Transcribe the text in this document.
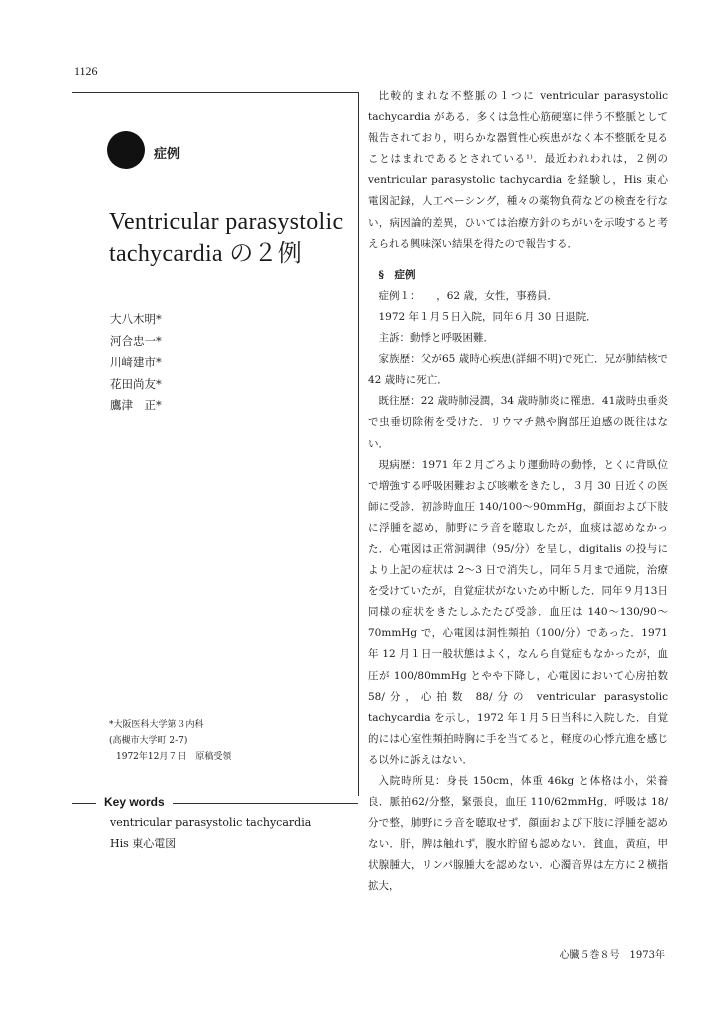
1126
症例
Ventricular parasystolic
tachycardia の２例
大八木明*
河合忠一*
川﨑建市*
花田尚友*
鷹津　正*
*大阪医科大学第３内科
(高槻市大学町 2-7)
1972年12月７日　原稿受領
Key words
ventricular parasystolic tachycardia
His 東心電図

比較的まれな不整脈の１つに ventricular parasystolic tachycardia がある．多くは急性心筋硬塞に伴う不整脈として報告されており，明らかな器質性心疾患がなく本不整脈を見ることはまれであるとされている¹⁾．最近われわれは，２例の ventricular parasystolic tachycardia を経験し，His 東心電図記録，人工ペーシング，種々の薬物負荷などの検査を行ない，病因論的差異，ひいては治療方針のちがいを示唆すると考えられる興味深い結果を得たので報告する．

§　症例

症例１：　　，62 歳，女性，事務員．

1972 年１月５日入院，同年６月 30 日退院．

主訴：動悸と呼吸困難．

家族歴：父が65 歳時心疾患(詳細不明)で死亡．兄が肺結核で 42 歳時に死亡．

既往歴：22 歳時肺浸潤，34 歳時肺炎に罹患．41歳時虫垂炎で虫垂切除術を受けた．リウマチ熱や胸部圧迫感の既往はない．

現病歴：1971 年２月ごろより運動時の動悸，とくに背臥位で増強する呼吸困難および咳嗽をきたし，３月 30 日近くの医師に受診．初診時血圧 140/100〜90mmHg，顔面および下肢に浮腫を認め，肺野にラ音を聴取したが，血痰は認めなかった．心電図は正常洞調律（95/分）を呈し，digitalis の投与により上記の症状は 2〜3 日で消失し，同年５月まで通院，治療を受けていたが，自覚症状がないため中断した．同年９月13日同様の症状をきたしふたたび受診．血圧は 140〜130/90〜70mmHg で，心電図は洞性頻拍（100/分）であった．1971 年 12 月１日一般状態はよく，なんら自覚症もなかったが，血圧が 100/80mmHg とやや下降し，心電図において心房拍数 58/分，心拍数 88/分の ventricular parasystolic tachycardia を示し，1972 年１月５日当科に入院した．自覚的には心室性頻拍時胸に手を当てると，軽度の心悸亢進を感じる以外に訴えはない．

入院時所見：身長 150cm，体重 46kg と体格は小，栄養良．脈拍62/分整，緊張良，血圧 110/62mmHg．呼吸は 18/分で整，肺野にラ音を聴取せず．顔面および下肢に浮腫を認めない．肝，脾は触れず，腹水貯留も認めない．貧血，黄疸，甲状腺腫大，リンパ腺腫大を認めない．心濁音界は左方に２横指拡大，

心臓５巻８号　1973年
